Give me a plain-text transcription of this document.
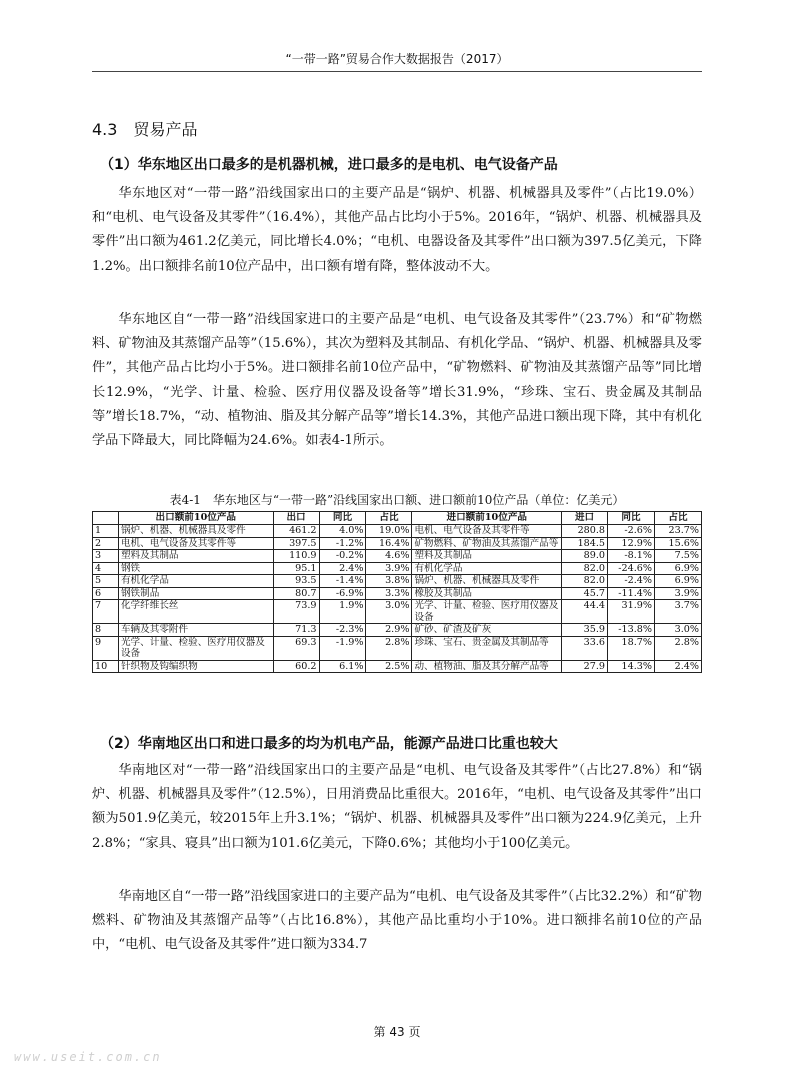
“一带一路”贸易合作大数据报告（2017）
4.3　贸易产品
（1）华东地区出口最多的是机器机械，进口最多的是电机、电气设备产品

华东地区对“一带一路”沿线国家出口的主要产品是“锅炉、机器、机械器具及零件”（占比19.0%）和“电机、电气设备及其零件”（16.4%），其他产品占比均小于5%。2016年，“锅炉、机器、机械器具及零件”出口额为461.2亿美元，同比增长4.0%；“电机、电器设备及其零件”出口额为397.5亿美元，下降1.2%。出口额排名前10位产品中，出口额有增有降，整体波动不大。

华东地区自“一带一路”沿线国家进口的主要产品是“电机、电气设备及其零件”（23.7%）和“矿物燃料、矿物油及其蒸馏产品等”（15.6%），其次为塑料及其制品、有机化学品、“锅炉、机器、机械器具及零件”，其他产品占比均小于5%。进口额排名前10位产品中，“矿物燃料、矿物油及其蒸馏产品等”同比增长12.9%，“光学、计量、检验、医疗用仪器及设备等”增长31.9%，“珍珠、宝石、贵金属及其制品等”增长18.7%，“动、植物油、脂及其分解产品等”增长14.3%，其他产品进口额出现下降，其中有机化学品下降最大，同比降幅为24.6%。如表4-1所示。

表4-1　华东地区与“一带一路”沿线国家出口额、进口额前10位产品（单位：亿美元）
	出口额前10位产品	出口	同比	占比	进口额前10位产品	进口	同比	占比
1	锅炉、机器、机械器具及零件	461.2	4.0%	19.0%	电机、电气设备及其零件等	280.8	-2.6%	23.7%
2	电机、电气设备及其零件等	397.5	-1.2%	16.4%	矿物燃料、矿物油及其蒸馏产品等	184.5	12.9%	15.6%
3	塑料及其制品	110.9	-0.2%	4.6%	塑料及其制品	89.0	-8.1%	7.5%
4	钢铁	95.1	2.4%	3.9%	有机化学品	82.0	-24.6%	6.9%
5	有机化学品	93.5	-1.4%	3.8%	锅炉、机器、机械器具及零件	82.0	-2.4%	6.9%
6	钢铁制品	80.7	-6.9%	3.3%	橡胶及其制品	45.7	-11.4%	3.9%
7	化学纤维长丝	73.9	1.9%	3.0%	光学、计量、检验、医疗用仪器及设备	44.4	31.9%	3.7%
8	车辆及其零附件	71.3	-2.3%	2.9%	矿砂、矿渣及矿灰	35.9	-13.8%	3.0%
9	光学、计量、检验、医疗用仪器及设备	69.3	-1.9%	2.8%	珍珠、宝石、贵金属及其制品等	33.6	18.7%	2.8%
10	针织物及钩编织物	60.2	6.1%	2.5%	动、植物油、脂及其分解产品等	27.9	14.3%	2.4%
（2）华南地区出口和进口最多的均为机电产品，能源产品进口比重也较大

华南地区对“一带一路”沿线国家出口的主要产品是“电机、电气设备及其零件”（占比27.8%）和“锅炉、机器、机械器具及零件”（12.5%），日用消费品比重很大。2016年，“电机、电气设备及其零件”出口额为501.9亿美元，较2015年上升3.1%；“锅炉、机器、机械器具及零件”出口额为224.9亿美元，上升2.8%；“家具、寝具”出口额为101.6亿美元，下降0.6%；其他均小于100亿美元。

华南地区自“一带一路”沿线国家进口的主要产品为“电机、电气设备及其零件”（占比32.2%）和“矿物燃料、矿物油及其蒸馏产品等”（占比16.8%），其他产品比重均小于10%。进口额排名前10位的产品中，“电机、电气设备及其零件”进口额为334.7

第 43 页
www.useit.com.cn
